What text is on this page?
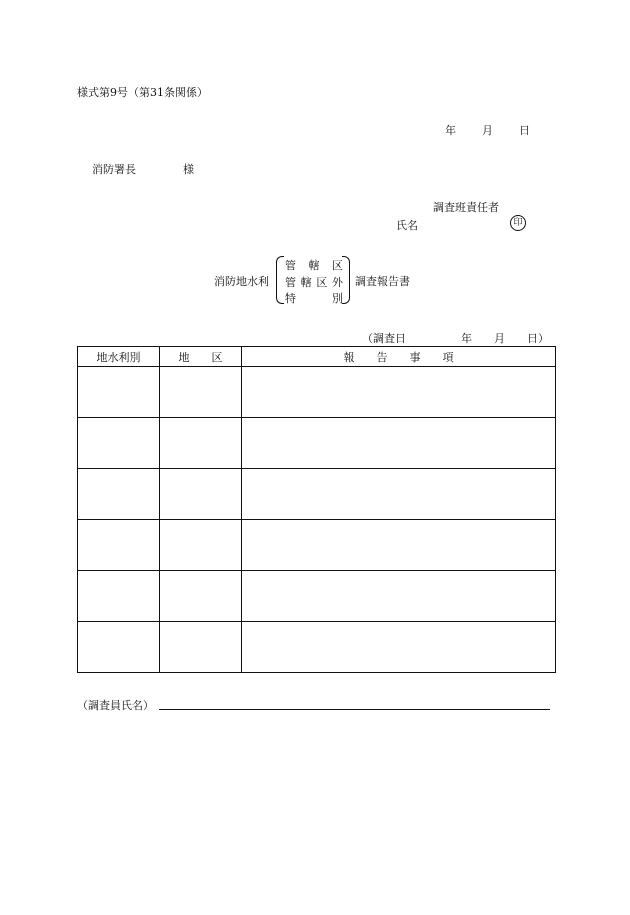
様式第9号（第31条関係）
年 月 日
消防署長	様
調査班責任者
氏名	印
消防地水利
管 轄 区
管 轄 区 外
特	別
調査報告書
（調査日　　　　　年　　月　　日）
地水利別	地　　区	報　　告　　事　　項

（調査員氏名）
